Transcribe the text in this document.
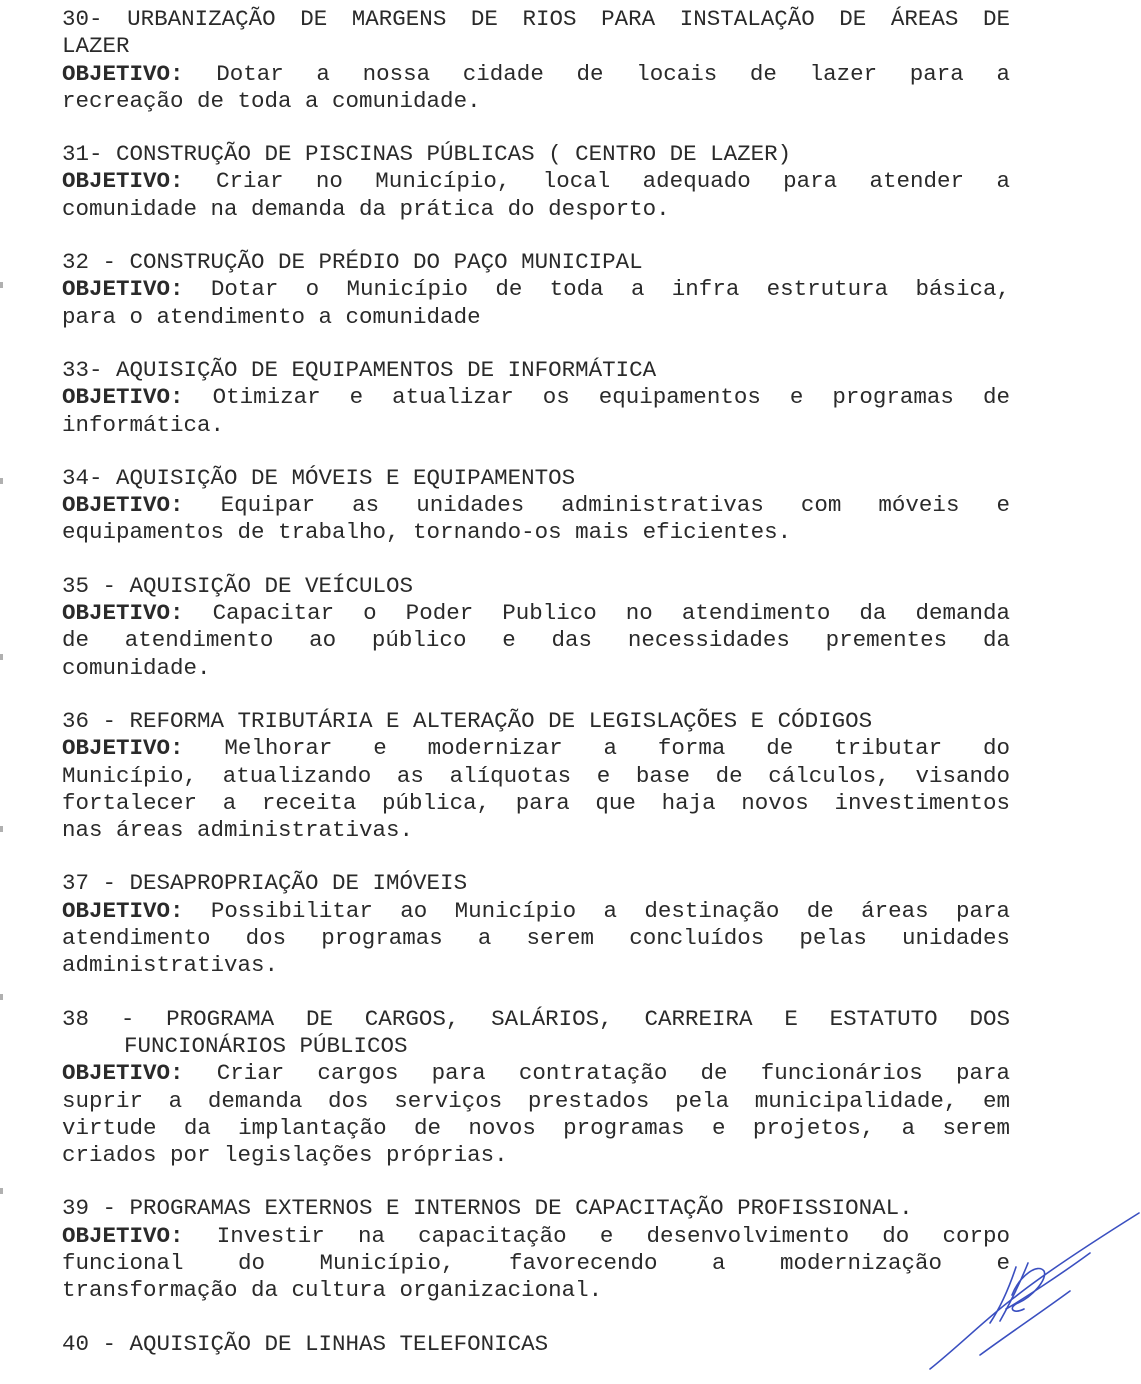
30- URBANIZAÇÃO DE MARGENS DE RIOS PARA INSTALAÇÃO DE ÁREAS DE
LAZER
OBJETIVO: Dotar a nossa cidade de locais de lazer para a
recreação de toda a comunidade.
31- CONSTRUÇÃO DE PISCINAS PÚBLICAS ( CENTRO DE LAZER)
OBJETIVO: Criar no Município, local adequado para atender a
comunidade na demanda da prática do desporto.
32 - CONSTRUÇÃO DE PRÉDIO DO PAÇO MUNICIPAL
OBJETIVO: Dotar o Município de toda a infra estrutura básica,
para o atendimento a comunidade
33- AQUISIÇÃO DE EQUIPAMENTOS DE INFORMÁTICA
OBJETIVO: Otimizar e atualizar os equipamentos e programas de
informática.
34- AQUISIÇÃO DE MÓVEIS E EQUIPAMENTOS
OBJETIVO: Equipar as unidades administrativas com móveis e
equipamentos de trabalho, tornando-os mais eficientes.
35 - AQUISIÇÃO DE VEÍCULOS
OBJETIVO: Capacitar o Poder Publico no atendimento da demanda
de atendimento ao público e das necessidades prementes da
comunidade.
36 - REFORMA TRIBUTÁRIA E ALTERAÇÃO DE LEGISLAÇÕES E CÓDIGOS
OBJETIVO: Melhorar e modernizar a forma de tributar do
Município, atualizando as alíquotas e base de cálculos, visando
fortalecer a receita pública, para que haja novos investimentos
nas áreas administrativas.
37 - DESAPROPRIAÇÃO DE IMÓVEIS
OBJETIVO: Possibilitar ao Município a destinação de áreas para
atendimento dos programas a serem concluídos pelas unidades
administrativas.
38 - PROGRAMA DE CARGOS, SALÁRIOS, CARREIRA E ESTATUTO DOS
FUNCIONÁRIOS PÚBLICOS
OBJETIVO: Criar cargos para contratação de funcionários para
suprir a demanda dos serviços prestados pela municipalidade, em
virtude da implantação de novos programas e projetos, a serem
criados por legislações próprias.
39 - PROGRAMAS EXTERNOS E INTERNOS DE CAPACITAÇÃO PROFISSIONAL.
OBJETIVO: Investir na capacitação e desenvolvimento do corpo
funcional do Município, favorecendo a modernização e
transformação da cultura organizacional.
40 - AQUISIÇÃO DE LINHAS TELEFONICAS
